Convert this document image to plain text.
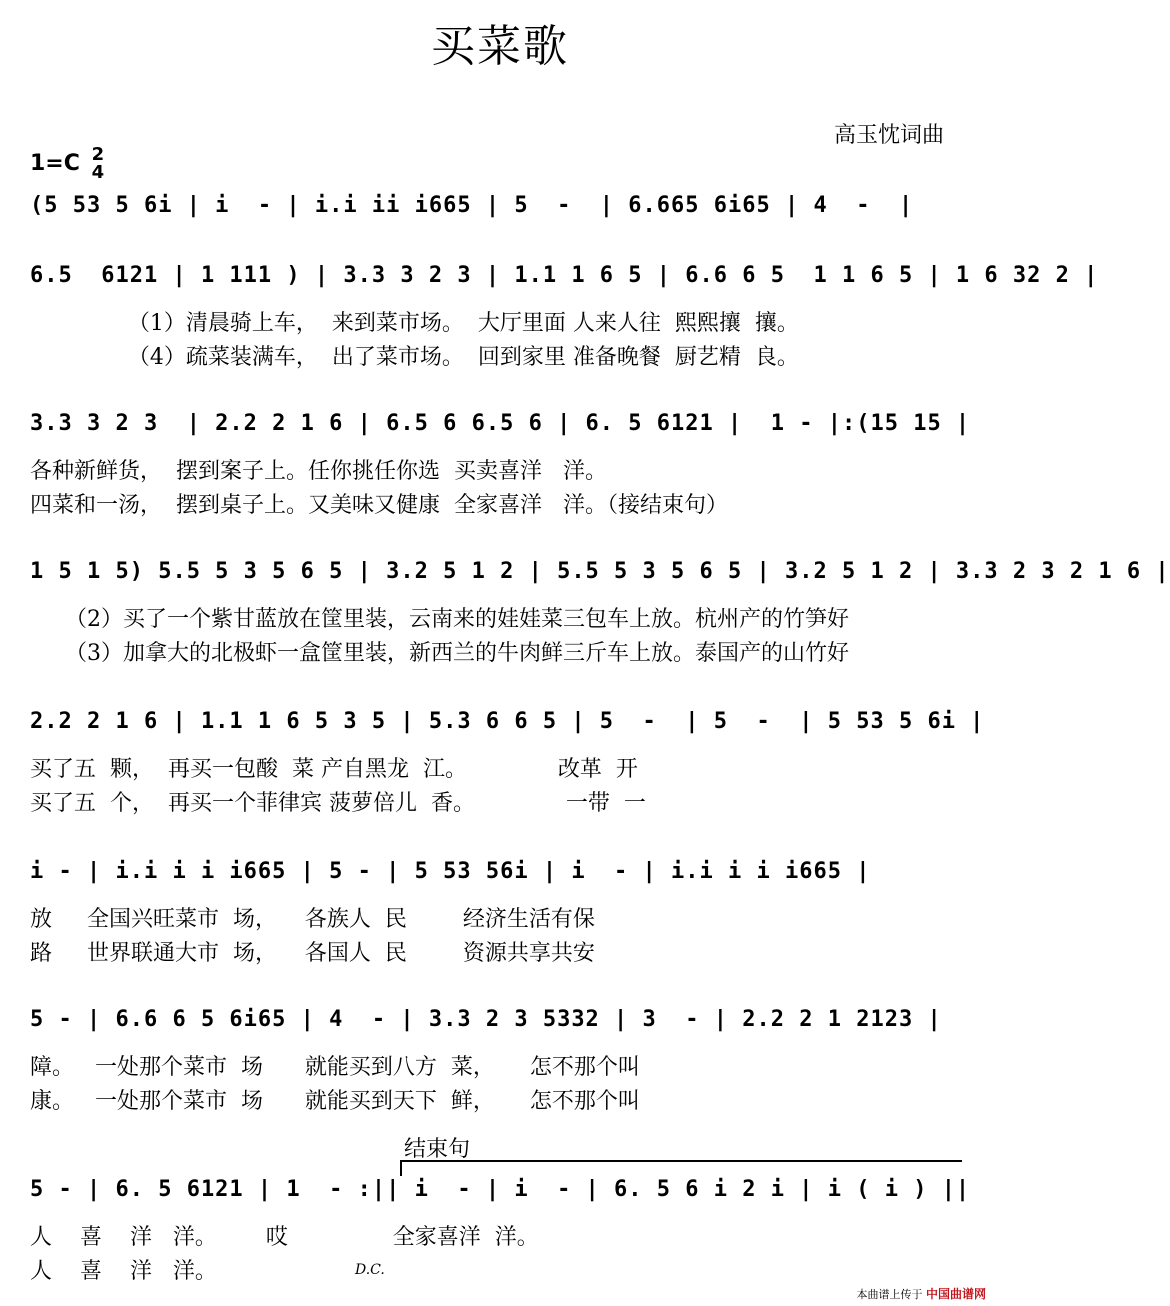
买菜歌
高玉忱词曲
1=C 2
4
(5 53 5 6i | i  - | i.i ii i665 | 5  -  | 6.665 6i65 | 4  -  |
6.5  6121 | 1 111 ) | 3.3 3 2 3 | 1.1 1 6 5 | 6.6 6 5  1 1 6 5 | 1 6 32 2 |
（1）清晨骑上车，  来到菜市场。  大厅里面 人来人往  熙熙攘  攘。
（4）疏菜装满车，  出了菜市场。  回到家里 准备晚餐  厨艺精  良。
3.3 3 2 3  | 2.2 2 1 6 | 6.5 6 6.5 6 | 6. 5 6121 |  1 - |:(15 15 |
各种新鲜货，  摆到案子上。任你挑任你选  买卖喜洋   洋。
四菜和一汤，  摆到桌子上。又美味又健康  全家喜洋   洋。（接结束句）
1 5 1 5) 5.5 5 3 5 6 5 | 3.2 5 1 2 | 5.5 5 3 5 6 5 | 3.2 5 1 2 | 3.3 2 3 2 1 6 |
（2）买了一个紫甘蓝放在筐里装，云南来的娃娃菜三包车上放。杭州产的竹笋好
（3）加拿大的北极虾一盒筐里装，新西兰的牛肉鲜三斤车上放。泰国产的山竹好
2.2 2 1 6 | 1.1 1 6 5 3 5 | 5.3 6 6 5 | 5  -  | 5  -  | 5 53 5 6i |
买了五  颗，  再买一包酸  菜 产自黑龙  江。             改革  开
买了五  个，  再买一个菲律宾 菠萝倍儿  香。             一带  一
i - | i.i i i i665 | 5 - | 5 53 56i | i  - | i.i i i i665 |
放     全国兴旺菜市  场，    各族人  民        经济生活有保
路     世界联通大市  场，    各国人  民        资源共享共安
5 - | 6.6 6 5 6i65 | 4  - | 3.3 2 3 5332 | 3  - | 2.2 2 1 2123 |
障。   一处那个菜市  场      就能买到八方  菜，     怎不那个叫
康。   一处那个菜市  场      就能买到天下  鲜，     怎不那个叫
5 - | 6. 5 6121 | 1  - :|| i  - | i  - | 6. 5 6 i 2 i | i ( i ) ||
人    喜    洋   洋。       哎               全家喜洋  洋。
人    喜    洋   洋。
结束句
D.C.
本曲谱上传于 中国曲谱网
